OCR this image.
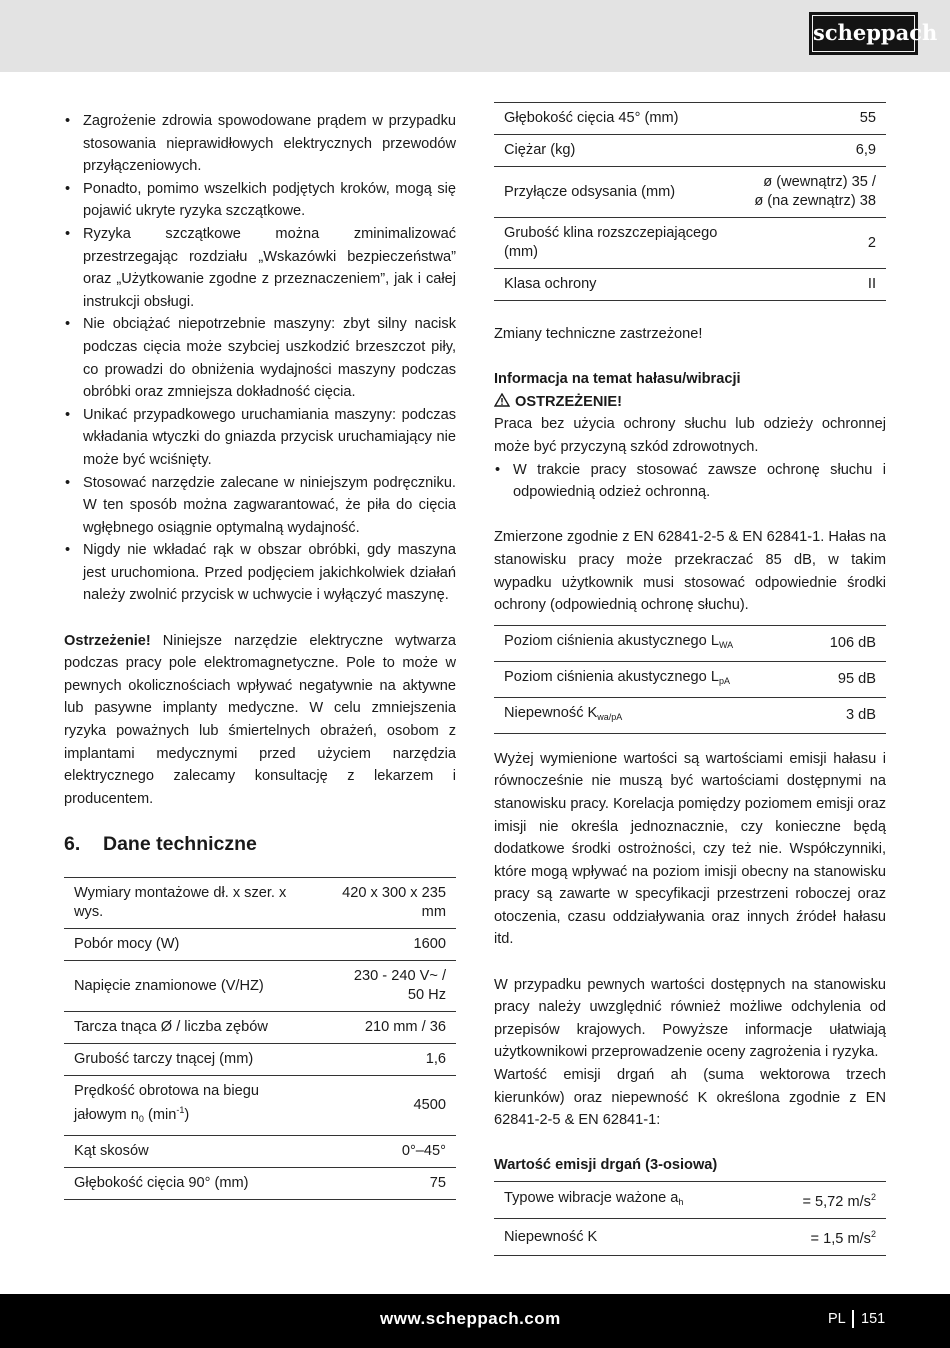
scheppach
• Zagrożenie zdrowia spowodowane prądem w przypadku stosowania nieprawidłowych elektrycznych przewodów przyłączeniowych.
• Ponadto, pomimo wszelkich podjętych kroków, mogą się pojawić ukryte ryzyka szczątkowe.
• Ryzyka szczątkowe można zminimalizować przestrzegając rozdziału „Wskazówki bezpieczeństwa” oraz „Użytkowanie zgodne z przeznaczeniem”, jak i całej instrukcji obsługi.
• Nie obciążać niepotrzebnie maszyny: zbyt silny nacisk podczas cięcia może szybciej uszkodzić brzeszczot piły, co prowadzi do obniżenia wydajności maszyny podczas obróbki oraz zmniejsza dokładność cięcia.
• Unikać przypadkowego uruchamiania maszyny: podczas wkładania wtyczki do gniazda przycisk uruchamiający nie może być wciśnięty.
• Stosować narzędzie zalecane w niniejszym podręczniku. W ten sposób można zagwarantować, że piła do cięcia wgłębnego osiągnie optymalną wydajność.
• Nigdy nie wkładać rąk w obszar obróbki, gdy maszyna jest uruchomiona. Przed podjęciem jakichkolwiek działań należy zwolnić przycisk w uchwycie i wyłączyć maszynę.

Ostrzeżenie! Niniejsze narzędzie elektryczne wytwarza podczas pracy pole elektromagnetyczne. Pole to może w pewnych okolicznościach wpływać negatywnie na aktywne lub pasywne implanty medyczne. W celu zmniejszenia ryzyka poważnych lub śmiertelnych obrażeń, osobom z implantami medycznymi przed użyciem narzędzia elektrycznego zalecamy konsultację z lekarzem i producentem.

6. Dane techniczne
Wymiary montażowe dł. x szer. x wys.	420 x 300 x 235 mm
Pobór mocy (W)	1600
Napięcie znamionowe (V/HZ)	230 - 240 V~ / 50 Hz
Tarcza tnąca Ø / liczba zębów	210 mm / 36
Grubość tarczy tnącej (mm)	1,6
Prędkość obrotowa na biegu jałowym $n_0$ $(\min^{-1})$	4500
Kąt skosów	0°–45°
Głębokość cięcia 90° (mm)	75
Głębokość cięcia 45° (mm)	55
Ciężar (kg)	6,9
Przyłącze odsysania (mm)	ø (wewnątrz) 35 / ø (na zewnątrz) 38
Grubość klina rozszczepiającego (mm)	2
Klasa ochrony	II

Zmiany techniczne zastrzeżone!

Informacja na temat hałasu/wibracji

OSTRZEŻENIE!

Praca bez użycia ochrony słuchu lub odzieży ochronnej może być przyczyną szkód zdrowotnych.

• W trakcie pracy stosować zawsze ochronę słuchu i odpowiednią odzież ochronną.

Zmierzone zgodnie z EN 62841-2-5 & EN 62841-1. Hałas na stanowisku pracy może przekraczać 85 dB, w takim wypadku użytkownik musi stosować odpowiednie środki ochrony (odpowiednią ochronę słuchu).

Poziom ciśnienia akustycznego $L_{WA}$	106 dB
Poziom ciśnienia akustycznego $L_{pA}$	95 dB
Niepewność $K_{wa/pA}$	3 dB

Wyżej wymienione wartości są wartościami emisji hałasu i równocześnie nie muszą być wartościami dostępnymi na stanowisku pracy. Korelacja pomiędzy poziomem emisji oraz imisji nie określa jednoznacznie, czy konieczne będą dodatkowe środki ostrożności, czy też nie. Współczynniki, które mogą wpływać na poziom imisji obecny na stanowisku pracy są zawarte w specyfikacji przestrzeni roboczej oraz otoczenia, czasu oddziaływania oraz innych źródeł hałasu itd.

W przypadku pewnych wartości dostępnych na stanowisku pracy należy uwzględnić również możliwe odchylenia od przepisów krajowych. Powyższe informacje ułatwiają użytkownikowi przeprowadzenie oceny zagrożenia i ryzyka.

Wartość emisji drgań ah (suma wektorowa trzech kierunków) oraz niepewność K określona zgodnie z EN 62841-2-5 & EN 62841-1:

Wartość emisji drgań (3-osiowa)

Typowe wibracje ważone $a_h$	= 5,72 $m/s^2$
Niepewność K	= 1,5 $m/s^2$
www.scheppach.com	PL 151
